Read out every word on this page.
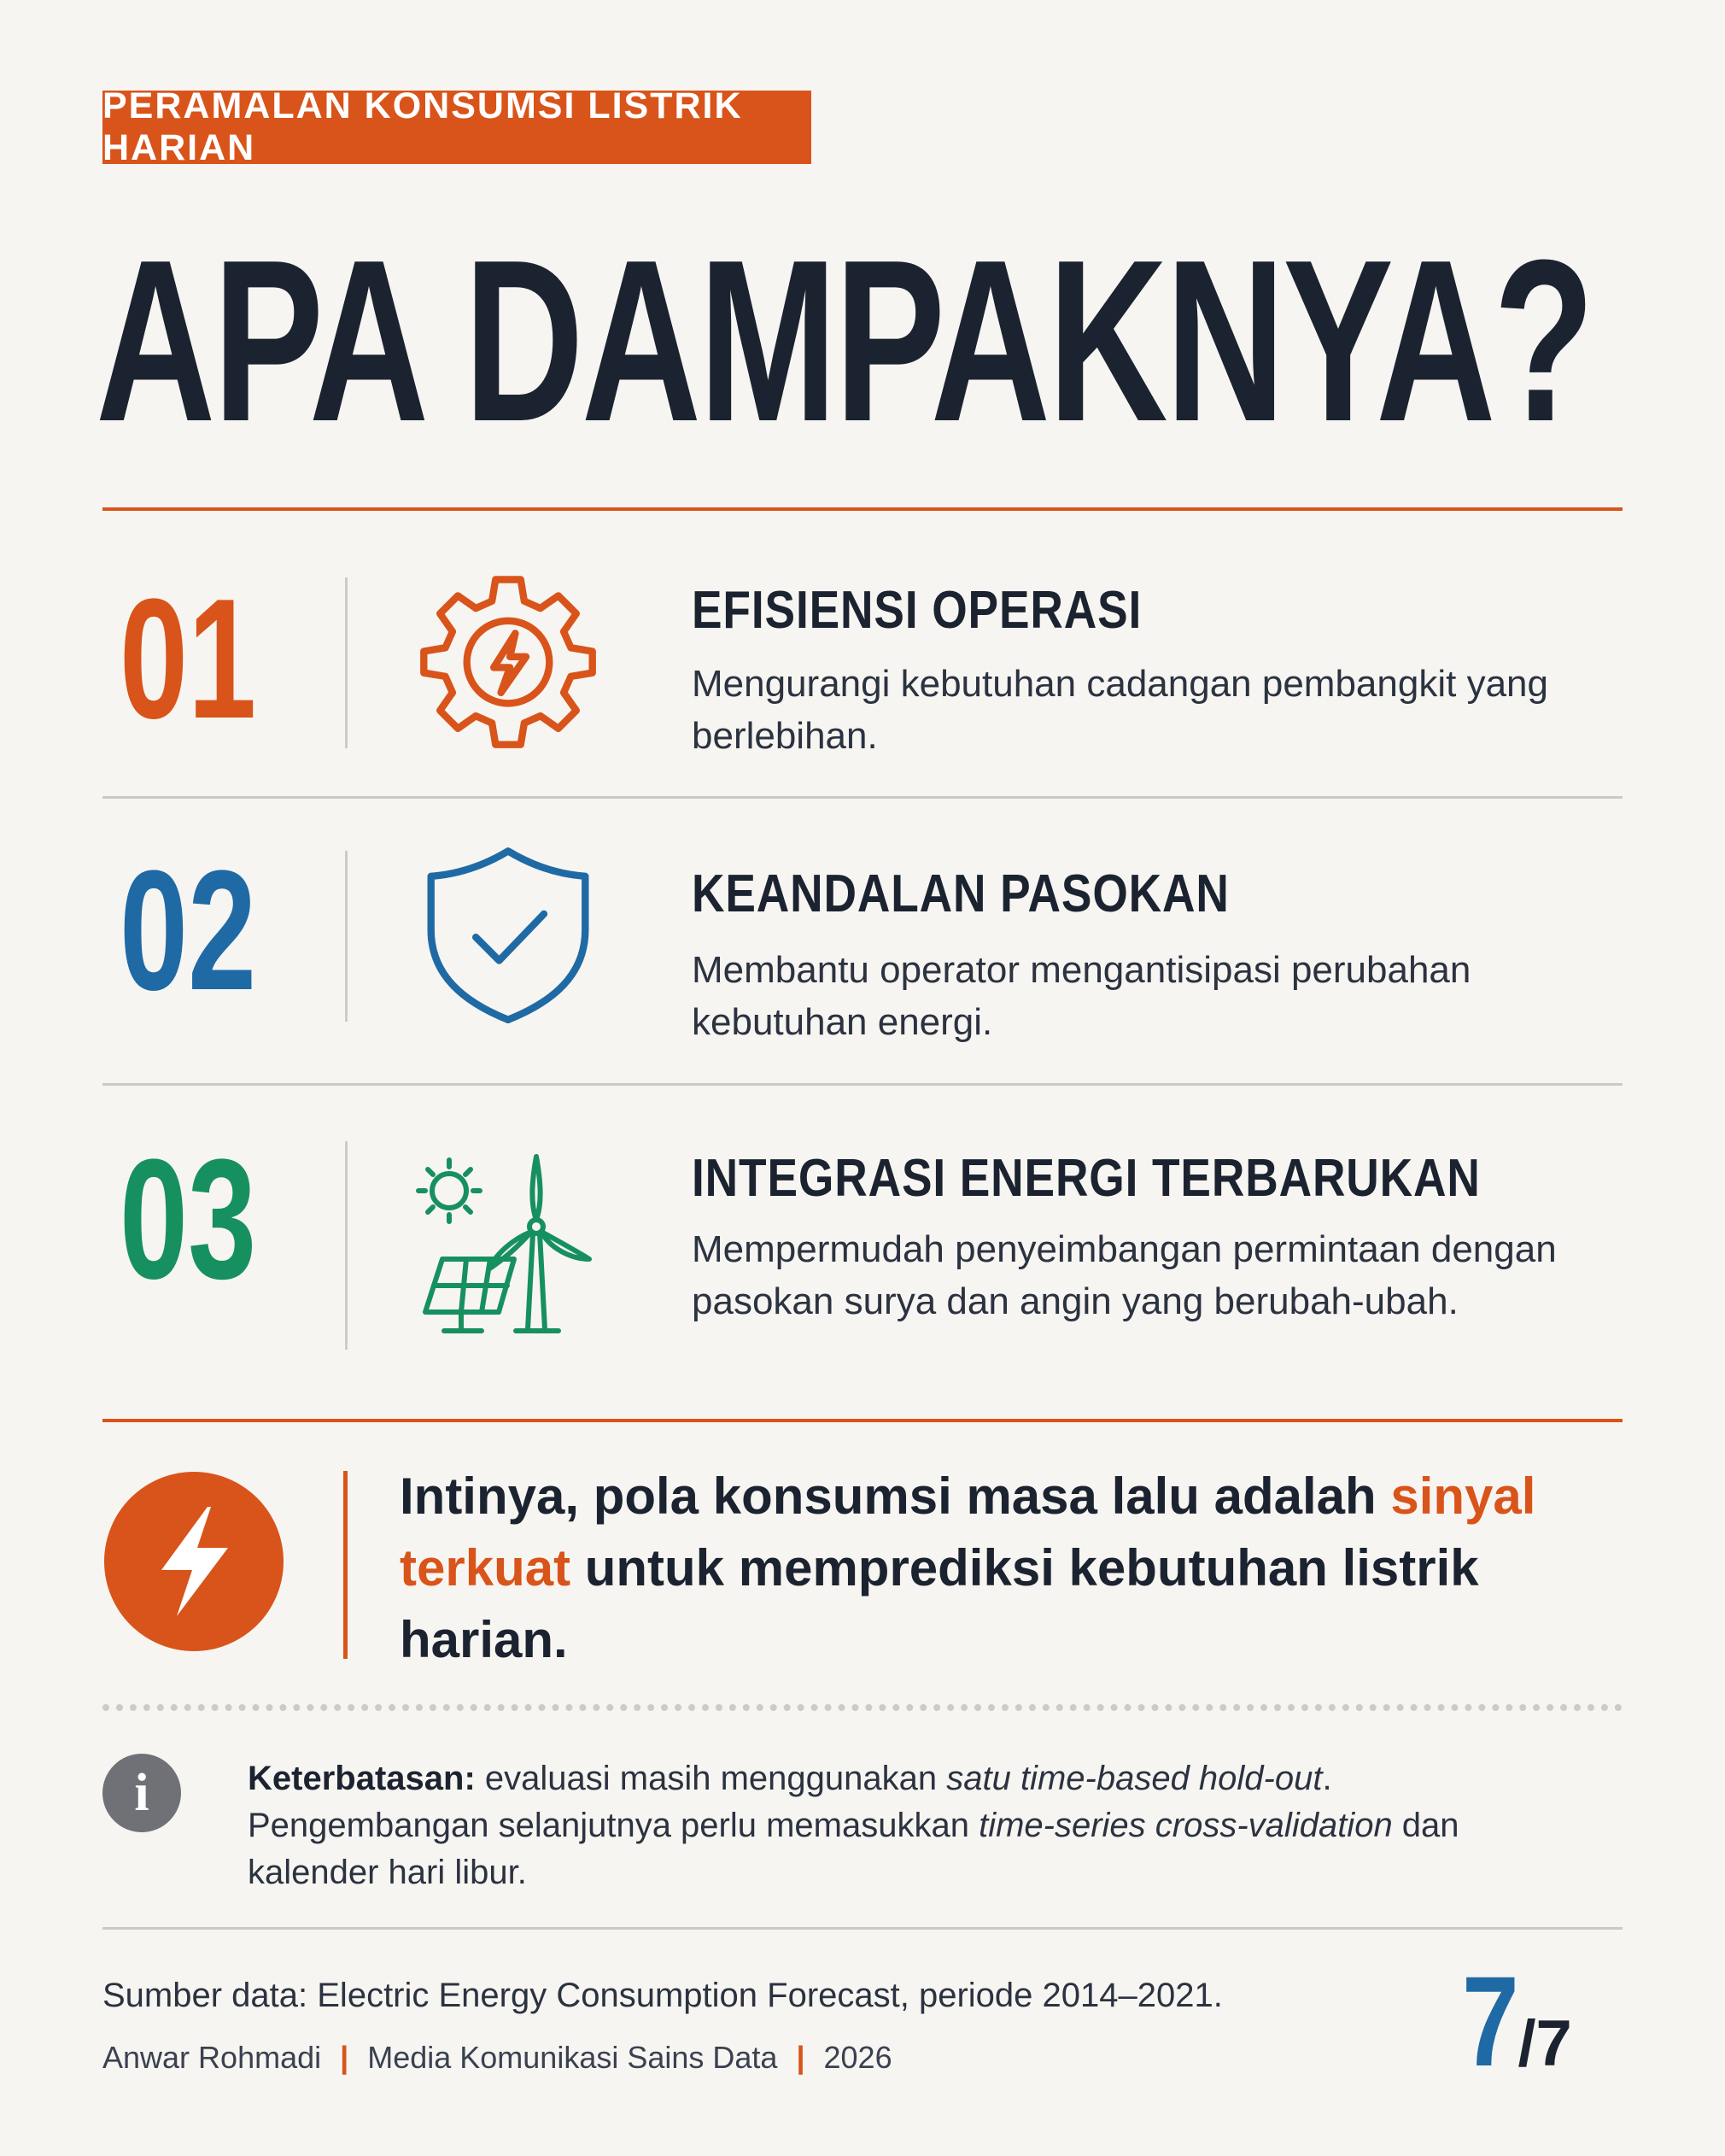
PERAMALAN KONSUMSI LISTRIK HARIAN
APA DAMPAKNYA?
01	EFISIENSI OPERASI
Mengurangi kebutuhan cadangan pembangkit yang berlebihan.
02	KEANDALAN PASOKAN
Membantu operator mengantisipasi perubahan kebutuhan energi.
03	INTEGRASI ENERGI TERBARUKAN
Mempermudah penyeimbangan permintaan dengan pasokan surya dan angin yang berubah-ubah.
Intinya, pola konsumsi masa lalu adalah sinyal terkuat untuk memprediksi kebutuhan listrik harian.
i	Keterbatasan: evaluasi masih menggunakan satu time-based hold-out. Pengembangan selanjutnya perlu memasukkan time-series cross-validation dan kalender hari libur.
Sumber data: Electric Energy Consumption Forecast, periode 2014–2021.
Anwar Rohmadi | Media Komunikasi Sains Data | 2026	7/7
